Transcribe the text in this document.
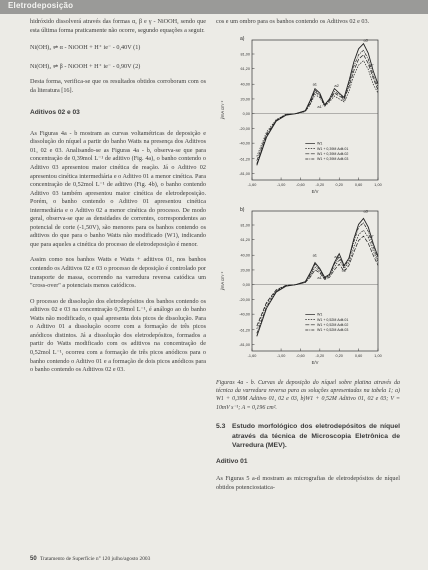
Eletrodeposição

hidróxido dissolverá através das formas α, β e γ - NiOOH, sendo que esta última forma praticamente não ocorre, segundo equações a seguir.

Ni(OH)₂ ⇌ α - NiOOH + H⁺ ie⁻ - 0,40V (1)

Ni(OH)₂ ⇌ β - NiOOH + H⁺ ie⁻ - 0,90V (2)

Desta forma, verifica-se que os resultados obtidos corroboram com os da literatura [16].

Aditivos 02 e 03

As Figuras 4a - b mostram as curvas voltamétricas de deposição e dissolução do níquel a partir do banho Watts na presença dos Aditivos 01, 02 e 03. Analisando-se as Figuras 4a - b, observa-se que para concentração de 0,39mol L⁻¹ de aditivo (Fig. 4a), o banho contendo o Aditivo 03 apresentou maior cinética de reação. Já o Aditivo 02 apresentou cinética intermediária e o Aditivo 01 a menor cinética. Para concentração de 0,52mol L⁻¹ de aditivo (Fig. 4b), o banho contendo Aditivo 03 também apresentou maior cinética de eletrodeposição. Porém, o banho contendo o Aditivo 01 apresentou cinética intermediária e o Aditivo 02 a menor cinética do processo. De modo geral, observa-se que as densidades de correntes, correspondentes ao potencial de corte (-1,50V), são menores para os banhos contendo os aditivos do que para o banho Watts não modificado (W1), indicando que para aqueles a cinética do processo de eletrodeposição é menor.

Assim como nos banhos Watts e Watts + aditivos 01, nos banhos contendo os Aditivos 02 e 03 o processo de deposição é controlado por transporte de massa, ocorrendo na varredura reversa catódica um "cross-over" a potenciais menos catódicos.

O processo de dissolução dos eletrodepósitos dos banhos contendo os aditivos 02 e 03 na concentração 0,39mol L⁻¹, é análogo ao do banho Watts não modificado, o qual apresenta dois picos de dissolução. Para o Aditivo 01 a dissolução ocorre com a formação de três picos anódicos distintos. Já a dissolução dos eletrodepósitos, formados a partir do Watts modificado com os aditivos na concentração de 0,52mol L⁻¹, ocorreu com a formação de três picos anódicos para o banho contendo o Aditivo 01 e a formação de dois picos anódicos para o banho contendo os Aditivos 02 e 03.

cos e um ombro para os banhos contendo os Aditivos 02 e 03.

a)
81,00
61,20
40,00
20,00
0,00
-20,00
-40,00
-61,20
-81,00
-1,60	-1,00	-0,60	-0,20	0,20	0,60	1,00
E/V
j/mA cm⁻²
a1	a2
a3
a1'
a2'
a3'
W1
W1 + 0,39M Adit.01
W1 + 0,39M Adit.02
W1 + 0,39M Adit.03

b)
81,00
61,20
40,00
20,00
0,00
-20,00
-40,00
-61,20
-81,00
-1,60	-1,00	-0,60	-0,20	0,20	0,60	1,00
E/V
j/mA cm⁻²
a1	a2
a3
a1'
a2'
a3'
W1
W1 + 0,52M Adit.01
W1 + 0,52M Adit.02
W1 + 0,52M Adit.03

Figuras 4a - b. Curvas de deposição do níquel sobre platina através da técnica da varredura reversa para as soluções apresentadas na tabela 1; a) W1 + 0,39M Aditivo 01, 02 e 03, b)W1 + 0,52M Aditivo 01, 02 e 03; V = 10mV s⁻¹; A = 0,196 cm².

5.3 Estudo morfológico dos eletrodepósitos de níquel através da técnica de Microscopia Eletrônica de Varredura (MEV).

Aditivo 01

As Figuras 5 a-d mostram as micrografias de eletrodepósitos de níquel obtidos potenciostatica-

50 Tratamento de Superfície n° 120 julho/agosto 2003
